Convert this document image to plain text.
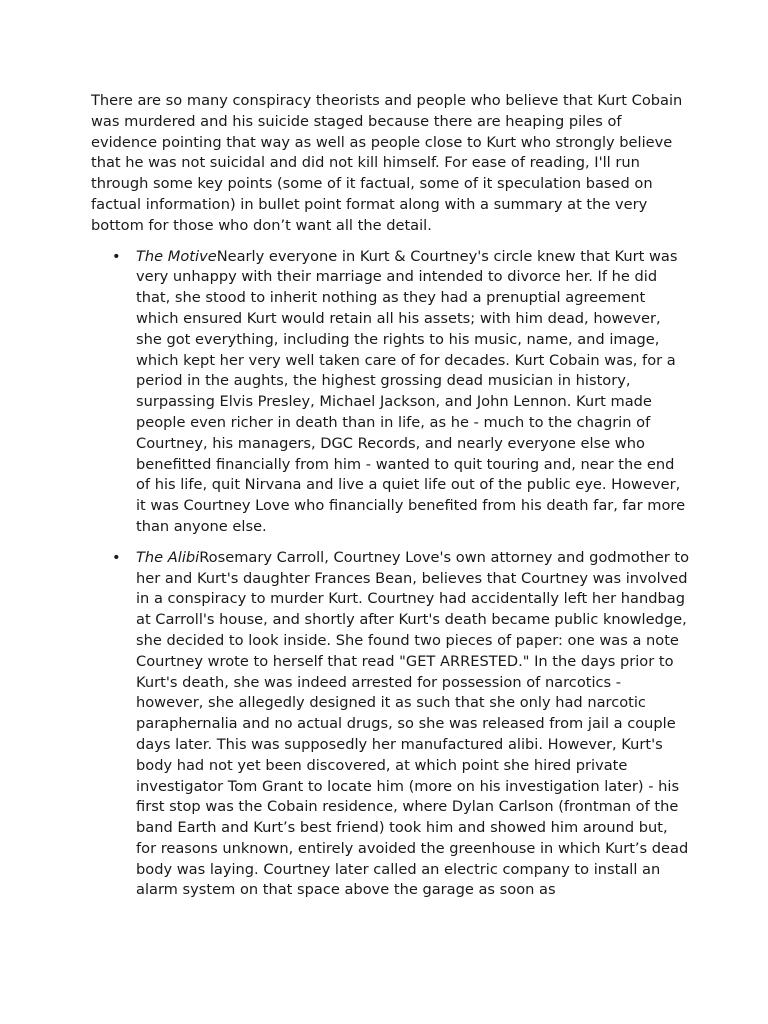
There are so many conspiracy theorists and people who believe that Kurt Cobain was murdered and his suicide staged because there are heaping piles of evidence pointing that way as well as people close to Kurt who strongly believe that he was not suicidal and did not kill himself. For ease of reading, I'll run through some key points (some of it factual, some of it speculation based on factual information) in bullet point format along with a summary at the very bottom for those who don’t want all the detail.

• The MotiveNearly everyone in Kurt & Courtney's circle knew that Kurt was very unhappy with their marriage and intended to divorce her. If he did that, she stood to inherit nothing as they had a prenuptial agreement which ensured Kurt would retain all his assets; with him dead, however, she got everything, including the rights to his music, name, and image, which kept her very well taken care of for decades. Kurt Cobain was, for a period in the aughts, the highest grossing dead musician in history, surpassing Elvis Presley, Michael Jackson, and John Lennon. Kurt made people even richer in death than in life, as he - much to the chagrin of Courtney, his managers, DGC Records, and nearly everyone else who benefitted financially from him - wanted to quit touring and, near the end of his life, quit Nirvana and live a quiet life out of the public eye. However, it was Courtney Love who financially benefited from his death far, far more than anyone else.
• The AlibiRosemary Carroll, Courtney Love's own attorney and godmother to her and Kurt's daughter Frances Bean, believes that Courtney was involved in a conspiracy to murder Kurt. Courtney had accidentally left her handbag at Carroll's house, and shortly after Kurt's death became public knowledge, she decided to look inside. She found two pieces of paper: one was a note Courtney wrote to herself that read "GET ARRESTED." In the days prior to Kurt's death, she was indeed arrested for possession of narcotics - however, she allegedly designed it as such that she only had narcotic paraphernalia and no actual drugs, so she was released from jail a couple days later. This was supposedly her manufactured alibi. However, Kurt's body had not yet been discovered, at which point she hired private investigator Tom Grant to locate him (more on his investigation later) - his first stop was the Cobain residence, where Dylan Carlson (frontman of the band Earth and Kurt’s best friend) took him and showed him around but, for reasons unknown, entirely avoided the greenhouse in which Kurt’s dead body was laying. Courtney later called an electric company to install an alarm system on that space above the garage as soon as
